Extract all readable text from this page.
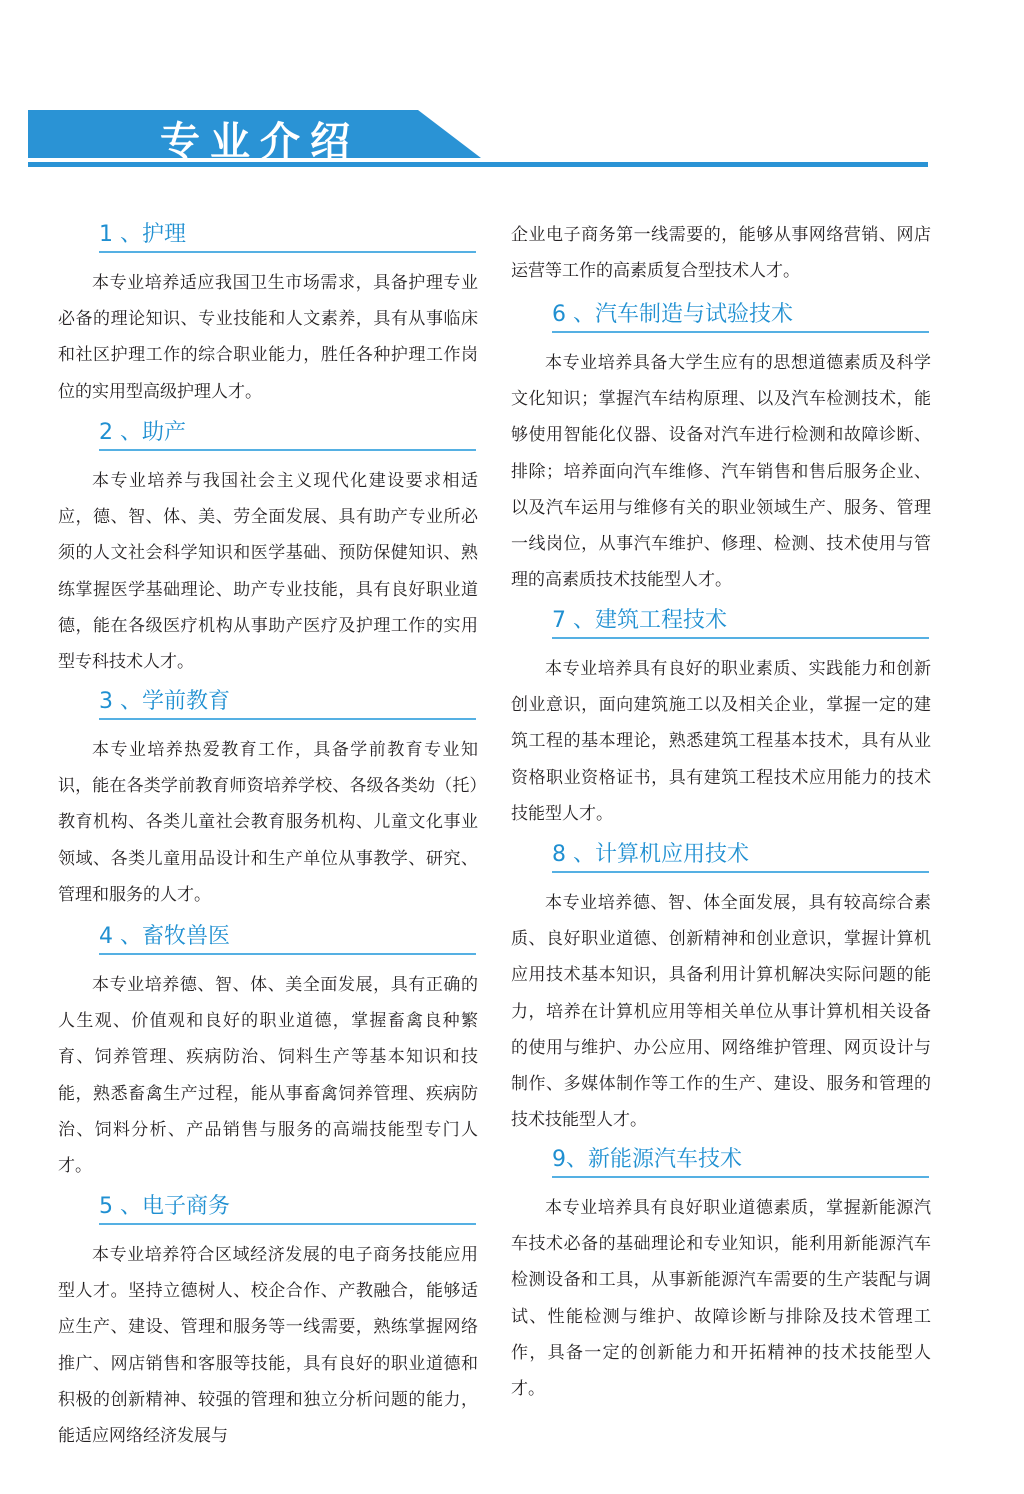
专业介绍
1 、护理
本专业培养适应我国卫生市场需求，具备护理专业必备的理论知识、专业技能和人文素养，具有从事临床和社区护理工作的综合职业能力，胜任各种护理工作岗位的实用型高级护理人才。
2 、助产
本专业培养与我国社会主义现代化建设要求相适应，德、智、体、美、劳全面发展、具有助产专业所必须的人文社会科学知识和医学基础、预防保健知识、熟练掌握医学基础理论、助产专业技能，具有良好职业道德，能在各级医疗机构从事助产医疗及护理工作的实用型专科技术人才。
3 、学前教育
本专业培养热爱教育工作，具备学前教育专业知识，能在各类学前教育师资培养学校、各级各类幼（托）教育机构、各类儿童社会教育服务机构、儿童文化事业领域、各类儿童用品设计和生产单位从事教学、研究、管理和服务的人才。
4 、畜牧兽医
本专业培养德、智、体、美全面发展，具有正确的人生观、价值观和良好的职业道德，掌握畜禽良种繁育、饲养管理、疾病防治、饲料生产等基本知识和技能，熟悉畜禽生产过程，能从事畜禽饲养管理、疾病防治、饲料分析、产品销售与服务的高端技能型专门人才。
5 、电子商务
本专业培养符合区域经济发展的电子商务技能应用型人才。坚持立德树人、校企合作、产教融合，能够适应生产、建设、管理和服务等一线需要，熟练掌握网络推广、网店销售和客服等技能，具有良好的职业道德和积极的创新精神、较强的管理和独立分析问题的能力，能适应网络经济发展与
企业电子商务第一线需要的，能够从事网络营销、网店运营等工作的高素质复合型技术人才。
6 、汽车制造与试验技术
本专业培养具备大学生应有的思想道德素质及科学文化知识；掌握汽车结构原理、以及汽车检测技术，能够使用智能化仪器、设备对汽车进行检测和故障诊断、排除；培养面向汽车维修、汽车销售和售后服务企业、以及汽车运用与维修有关的职业领域生产、服务、管理一线岗位，从事汽车维护、修理、检测、技术使用与管理的高素质技术技能型人才。
7 、建筑工程技术
本专业培养具有良好的职业素质、实践能力和创新创业意识，面向建筑施工以及相关企业，掌握一定的建筑工程的基本理论，熟悉建筑工程基本技术，具有从业资格职业资格证书，具有建筑工程技术应用能力的技术技能型人才。
8 、计算机应用技术
本专业培养德、智、体全面发展，具有较高综合素质、良好职业道德、创新精神和创业意识，掌握计算机应用技术基本知识，具备利用计算机解决实际问题的能力，培养在计算机应用等相关单位从事计算机相关设备的使用与维护、办公应用、网络维护管理、网页设计与制作、多媒体制作等工作的生产、建设、服务和管理的技术技能型人才。
9、新能源汽车技术
本专业培养具有良好职业道德素质，掌握新能源汽车技术必备的基础理论和专业知识，能利用新能源汽车检测设备和工具，从事新能源汽车需要的生产装配与调试、性能检测与维护、故障诊断与排除及技术管理工作，具备一定的创新能力和开拓精神的技术技能型人才。
